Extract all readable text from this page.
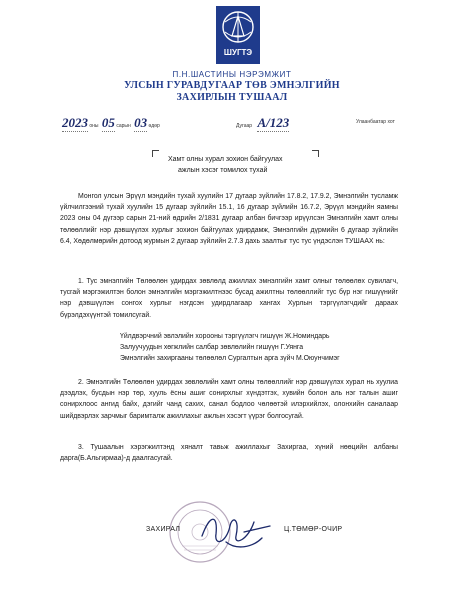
ШУГТЭ
П.Н.ШАСТИНЫ НЭРЭМЖИТ
УЛСЫН ГУРАВДУГААР ТӨВ ЭМНЭЛГИЙН
ЗАХИРЛЫН ТУШААЛ
2023 оны 05 сарын 03 өдөр	Дугаар А/123	Улаанбаатар хот
Хамт олны хурал зохион байгуулах
ажлын хэсэг томилох тухай
Монгол улсын Эрүүл мэндийн тухай хуулийн 17 дугаар зүйлийн 17.8.2, 17.9.2, Эмнэлгийн тусламж үйлчилгээний тухай хуулийн 15 дугаар зүйлийн 15.1, 16 дугаар зүйлийн 16.7.2, Эрүүл мэндийн яамны 2023 оны 04 дүгээр сарын 21-ний өдрийн 2/1831 дугаар албан бичгээр ирүүлсэн Эмнэлгийн хамт олны төлөөллийг нэр дэвшүүлэх хурлыг зохион байгуулах удирдамж, Эмнэлгийн дүрмийн 6 дугаар зүйлийн 6.4, Хөдөлмөрийн дотоод журмын 2 дугаар зүйлийн 2.7.3 дахь заалтыг тус тус үндэслэн ТУШААХ нь:
1. Тус эмнэлгийн Төлөөлөн удирдах зөвлөлд ажиллах эмнэлгийн хамт олныг төлөөлөх сувилагч, тусгай мэргэжилтэн болон эмнэлгийн мэргэжилтнээс бусад ажилтны төлөөллийг тус бүр нэг гишүүнийг нэр дэвшүүлэн сонгох хурлыг нэгдсэн удирдлагаар хангах Хурлын тэргүүлэгчдийг дараах бүрэлдэхүүнтэй томилсугай.
Үйлдвэрчний эвлэлийн хорооны тэргүүлэгч гишүүн Ж.Номиндарь
Залуучуудын хөгжлийн салбар зөвлөлийн гишүүн Г.Уянга
Эмнэлгийн захиргааны төлөөлөл Сургалтын арга зүйч М.Оюунчимэг
2. Эмнэлгийн Төлөөлөн удирдах зөвлөлийн хамт олны төлөөллийг нэр дэвшүүлэх хурал нь хуулиа дээдлэх, бусдын нэр төр, хууль ёсны ашиг сонирхлыг хүндэтгэх, хувийн болон аль нэг талын ашиг сонирхлоос ангид байх, дэгийг чанд сахих, санал бодлоо чөлөөтэй илэрхийлэх, олонхийн саналаар шийдвэрлэх зарчмыг баримталж ажиллахыг ажлын хэсэгт үүрэг болгосугай.
3. Тушаалын хэрэгжилтэнд хяналт тавьж ажиллахыг Захиргаа, хүний нөөцийн албаны дарга(Б.Альгирмаа)-д даалгасугай.
ЗАХИРАЛ	Ц.ТӨМӨР-ОЧИР
